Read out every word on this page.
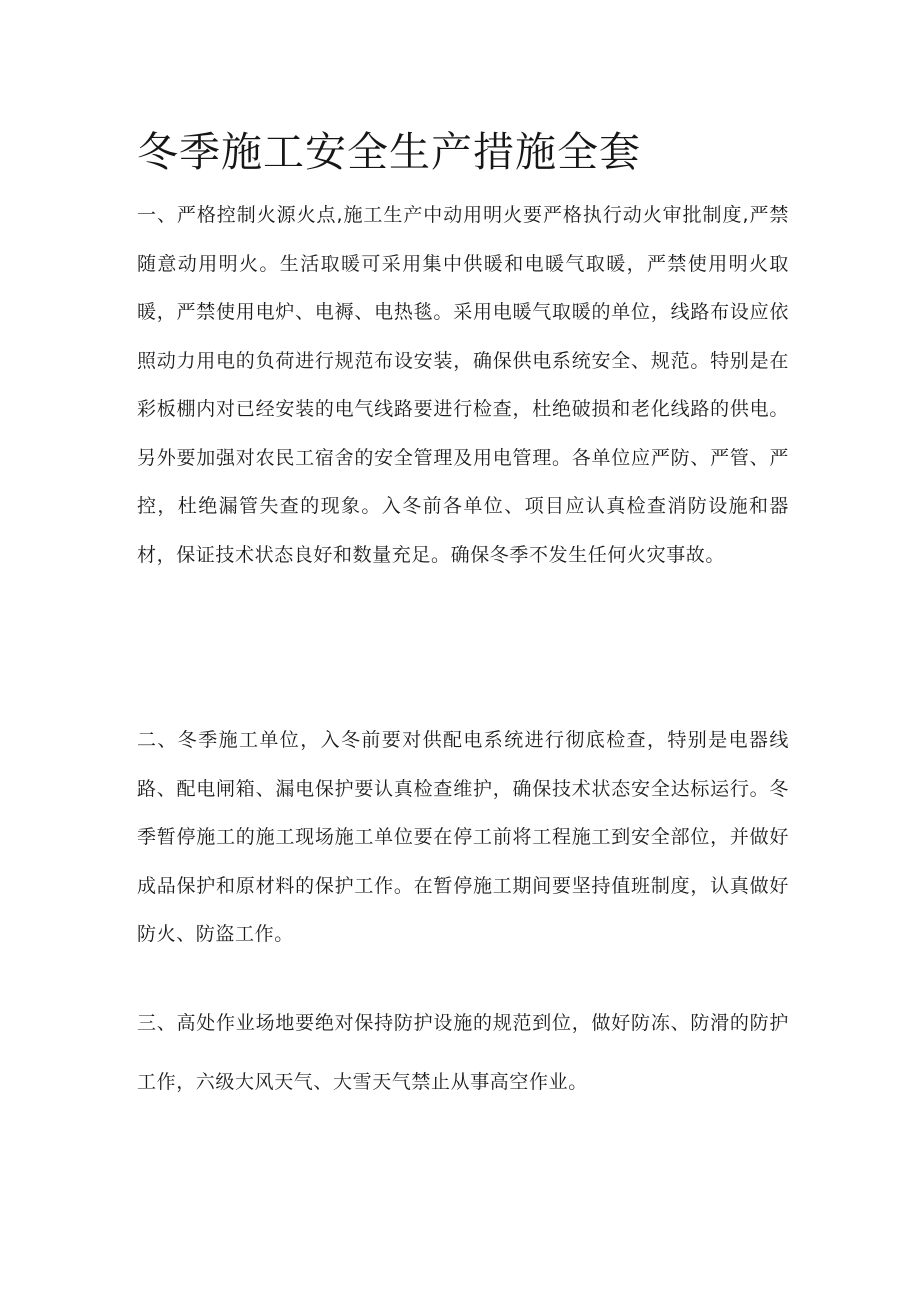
冬季施工安全生产措施全套

一、严格控制火源火点,施工生产中动用明火要严格执行动火审批制度,严禁随意动用明火。生活取暖可采用集中供暖和电暖气取暖，严禁使用明火取暖，严禁使用电炉、电褥、电热毯。采用电暖气取暖的单位，线路布设应依照动力用电的负荷进行规范布设安装，确保供电系统安全、规范。特别是在彩板棚内对已经安装的电气线路要进行检查，杜绝破损和老化线路的供电。另外要加强对农民工宿舍的安全管理及用电管理。各单位应严防、严管、严控，杜绝漏管失查的现象。入冬前各单位、项目应认真检查消防设施和器材，保证技术状态良好和数量充足。确保冬季不发生任何火灾事故。

二、冬季施工单位，入冬前要对供配电系统进行彻底检查，特别是电器线路、配电闸箱、漏电保护要认真检查维护，确保技术状态安全达标运行。冬季暂停施工的施工现场施工单位要在停工前将工程施工到安全部位，并做好成品保护和原材料的保护工作。在暂停施工期间要坚持值班制度，认真做好防火、防盗工作。

三、高处作业场地要绝对保持防护设施的规范到位，做好防冻、防滑的防护工作，六级大风天气、大雪天气禁止从事高空作业。
